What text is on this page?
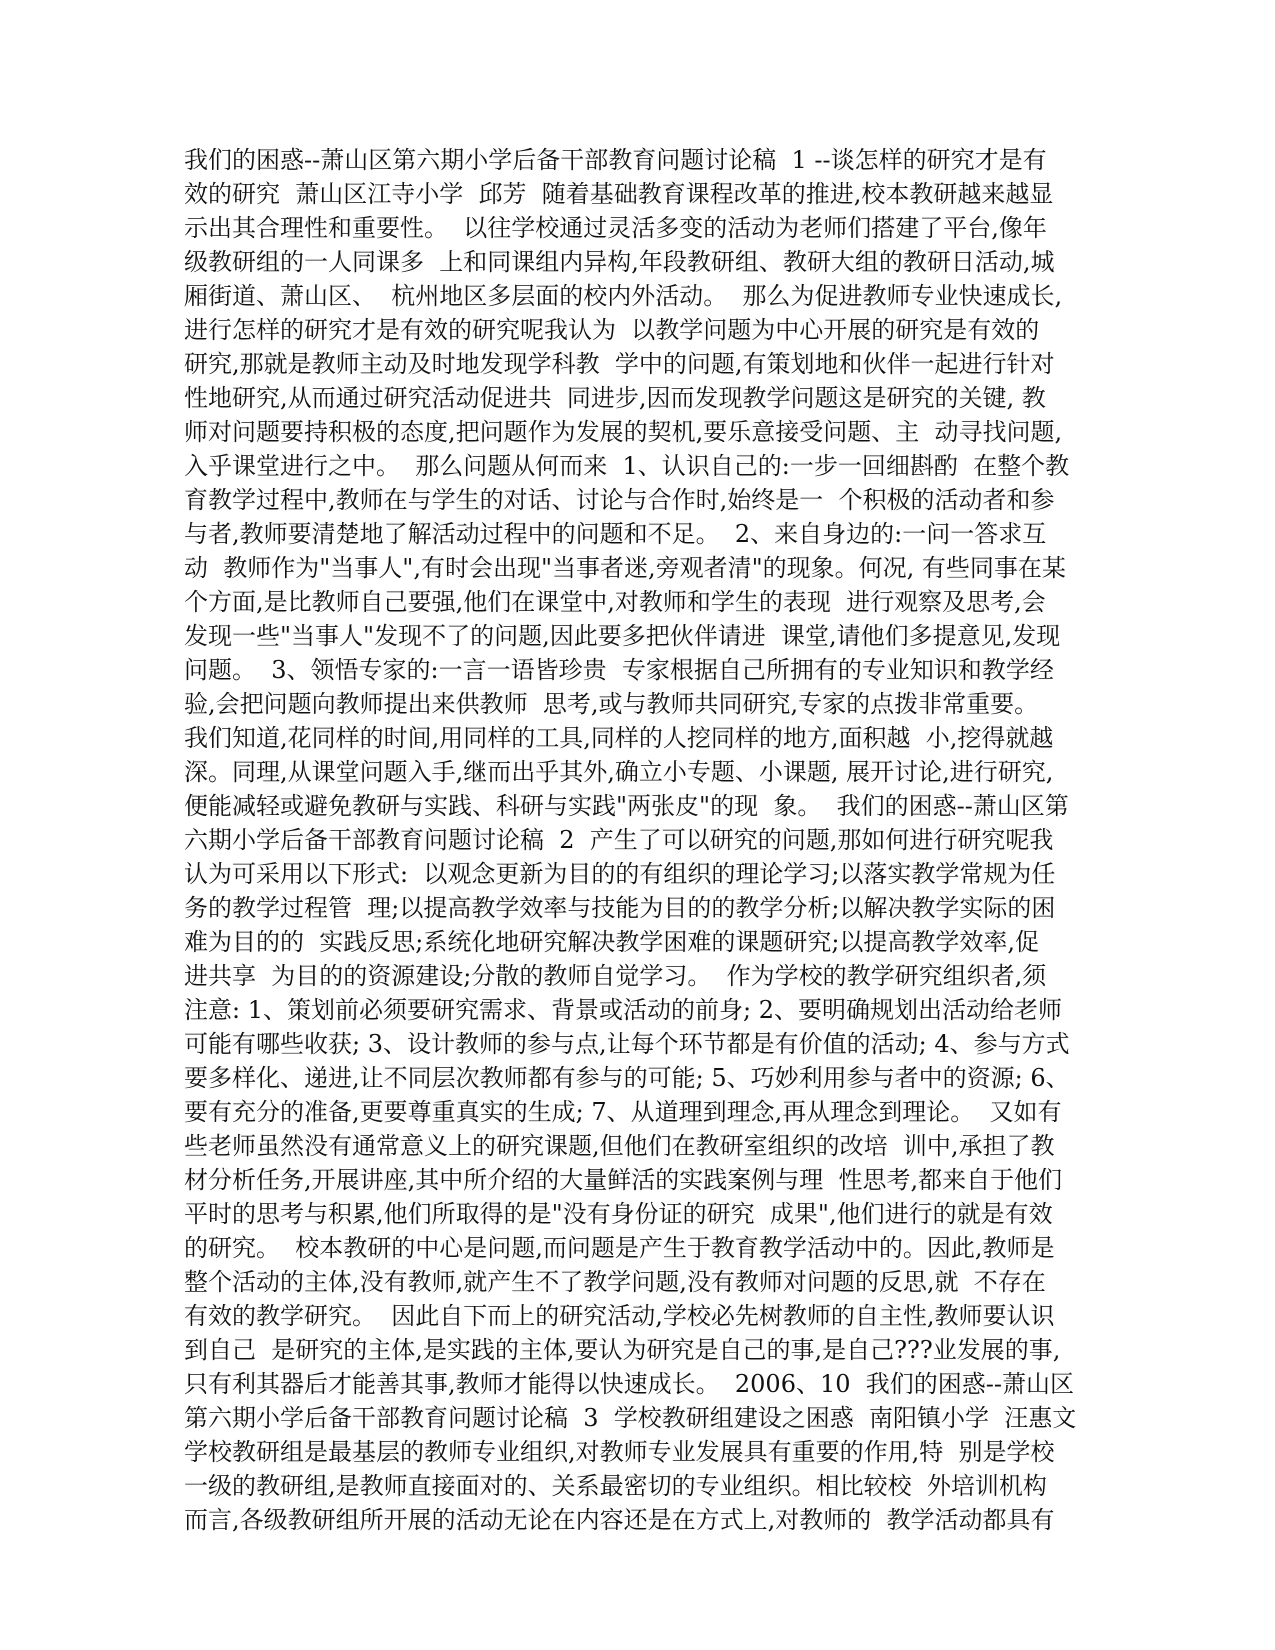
我们的困惑--萧山区第六期小学后备干部教育问题讨论稿  1 --谈怎样的研究才是有
效的研究  萧山区江寺小学  邱芳  随着基础教育课程改革的推进,校本教研越来越显
示出其合理性和重要性。  以往学校通过灵活多变的活动为老师们搭建了平台,像年
级教研组的一人同课多  上和同课组内异构,年段教研组、教研大组的教研日活动,城
厢街道、萧山区、  杭州地区多层面的校内外活动。  那么为促进教师专业快速成长,
进行怎样的研究才是有效的研究呢我认为  以教学问题为中心开展的研究是有效的
研究,那就是教师主动及时地发现学科教  学中的问题,有策划地和伙伴一起进行针对
性地研究,从而通过研究活动促进共  同进步,因而发现教学问题这是研究的关键, 教
师对问题要持积极的态度,把问题作为发展的契机,要乐意接受问题、主  动寻找问题,
入乎课堂进行之中。  那么问题从何而来  1、认识自己的:一步一回细斟酌  在整个教
育教学过程中,教师在与学生的对话、讨论与合作时,始终是一  个积极的活动者和参
与者,教师要清楚地了解活动过程中的问题和不足。  2、来自身边的:一问一答求互
动  教师作为"当事人",有时会出现"当事者迷,旁观者清"的现象。何况, 有些同事在某
个方面,是比教师自己要强,他们在课堂中,对教师和学生的表现  进行观察及思考,会
发现一些"当事人"发现不了的问题,因此要多把伙伴请进  课堂,请他们多提意见,发现
问题。  3、领悟专家的:一言一语皆珍贵  专家根据自己所拥有的专业知识和教学经
验,会把问题向教师提出来供教师  思考,或与教师共同研究,专家的点拨非常重要。
我们知道,花同样的时间,用同样的工具,同样的人挖同样的地方,面积越  小,挖得就越
深。同理,从课堂问题入手,继而出乎其外,确立小专题、小课题, 展开讨论,进行研究,
便能减轻或避免教研与实践、科研与实践"两张皮"的现  象。  我们的困惑--萧山区第
六期小学后备干部教育问题讨论稿  2  产生了可以研究的问题,那如何进行研究呢我
认为可采用以下形式:  以观念更新为目的的有组织的理论学习;以落实教学常规为任
务的教学过程管  理;以提高教学效率与技能为目的的教学分析;以解决教学实际的困
难为目的的  实践反思;系统化地研究解决教学困难的课题研究;以提高教学效率,促
进共享  为目的的资源建设;分散的教师自觉学习。  作为学校的教学研究组织者,须
注意: 1、策划前必须要研究需求、背景或活动的前身; 2、要明确规划出活动给老师
可能有哪些收获; 3、设计教师的参与点,让每个环节都是有价值的活动; 4、参与方式
要多样化、递进,让不同层次教师都有参与的可能; 5、巧妙利用参与者中的资源; 6、
要有充分的准备,更要尊重真实的生成; 7、从道理到理念,再从理念到理论。  又如有
些老师虽然没有通常意义上的研究课题,但他们在教研室组织的改培  训中,承担了教
材分析任务,开展讲座,其中所介绍的大量鲜活的实践案例与理  性思考,都来自于他们
平时的思考与积累,他们所取得的是"没有身份证的研究  成果",他们进行的就是有效
的研究。  校本教研的中心是问题,而问题是产生于教育教学活动中的。因此,教师是
整个活动的主体,没有教师,就产生不了教学问题,没有教师对问题的反思,就  不存在
有效的教学研究。  因此自下而上的研究活动,学校必先树教师的自主性,教师要认识
到自己  是研究的主体,是实践的主体,要认为研究是自己的事,是自己???业发展的事,
只有利其器后才能善其事,教师才能得以快速成长。  2006、10  我们的困惑--萧山区
第六期小学后备干部教育问题讨论稿  3  学校教研组建设之困惑  南阳镇小学  汪惠文
学校教研组是最基层的教师专业组织,对教师专业发展具有重要的作用,特  别是学校
一级的教研组,是教师直接面对的、关系最密切的专业组织。相比较校  外培训机构
而言,各级教研组所开展的活动无论在内容还是在方式上,对教师的  教学活动都具有
